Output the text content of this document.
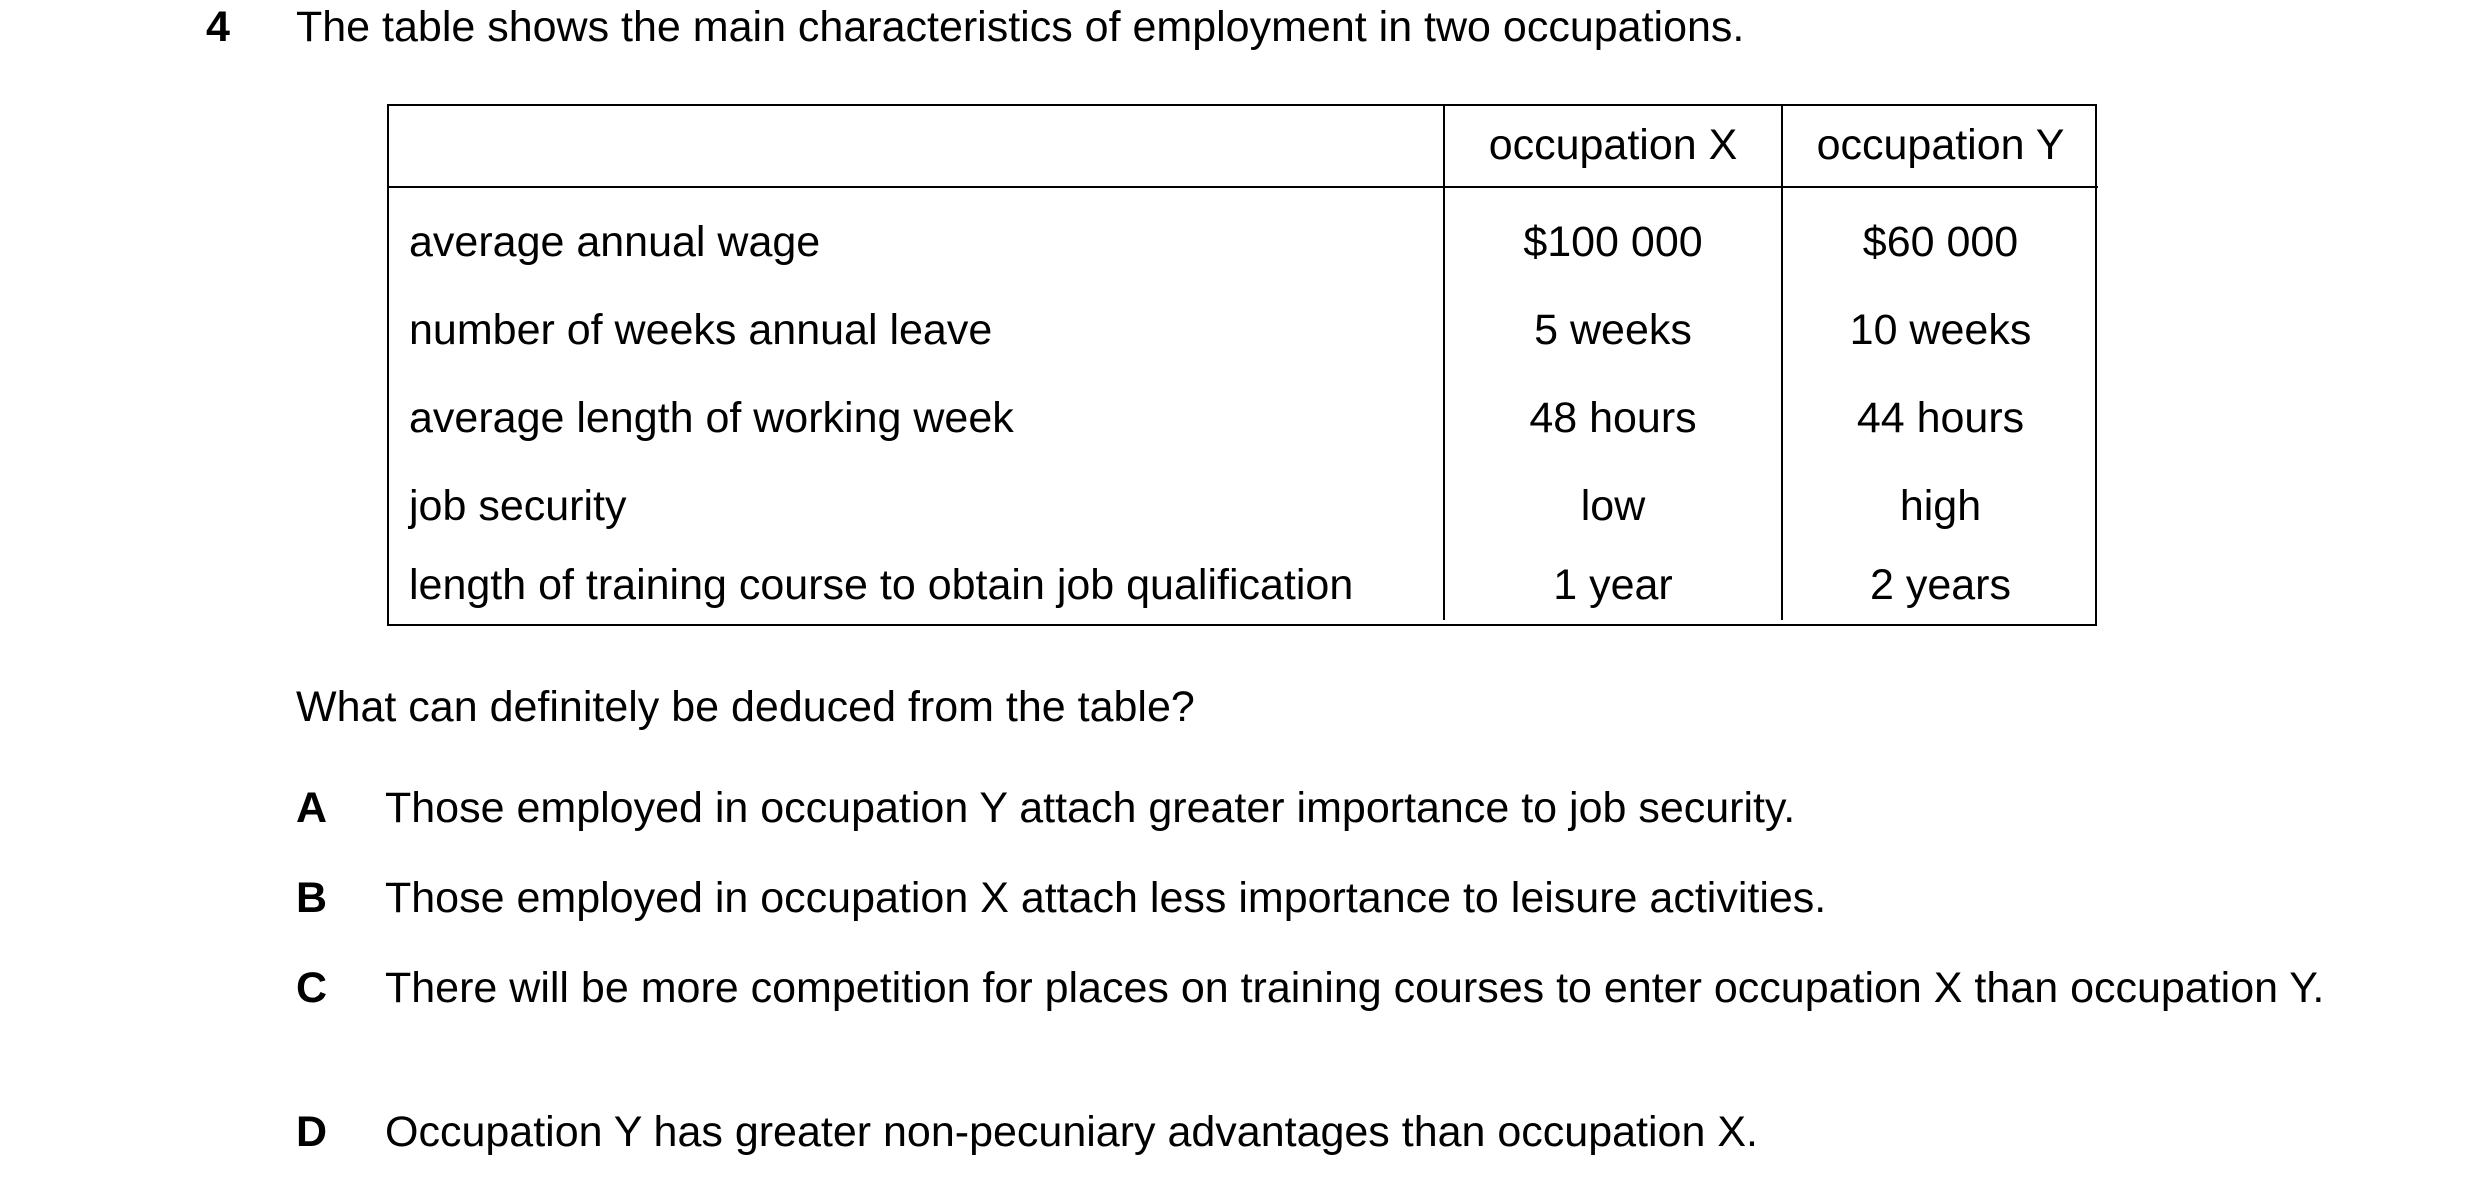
4 The table shows the main characteristics of employment in two occupations.
	occupation X	occupation Y
average annual wage	$100 000	$60 000
number of weeks annual leave	5 weeks	10 weeks
average length of working week	48 hours	44 hours
job security	low	high
length of training course to obtain job qualification	1 year	2 years
What can definitely be deduced from the table?
A Those employed in occupation Y attach greater importance to job security.
B Those employed in occupation X attach less importance to leisure activities.
C There will be more competition for places on training courses to enter occupation X than occupation Y.
D Occupation Y has greater non-pecuniary advantages than occupation X.
